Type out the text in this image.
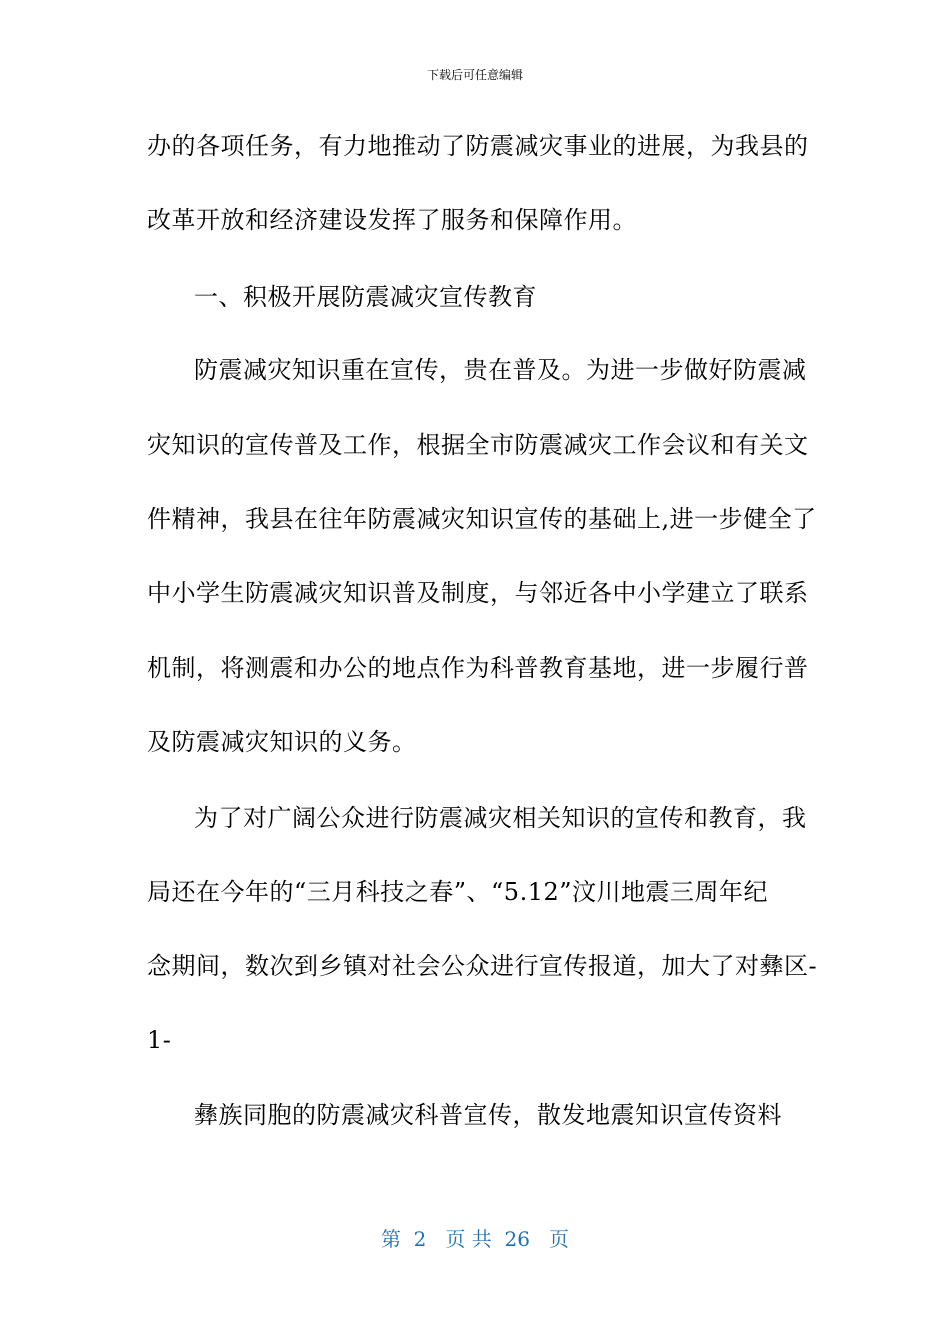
下载后可任意编辑
办的各项任务，有力地推动了防震减灾事业的进展，为我县的
改革开放和经济建设发挥了服务和保障作用。
一、积极开展防震减灾宣传教育
防震减灾知识重在宣传，贵在普及。为进一步做好防震减
灾知识的宣传普及工作，根据全市防震减灾工作会议和有关文
件精神，我县在往年防震减灾知识宣传的基础上,进一步健全了
中小学生防震减灾知识普及制度，与邻近各中小学建立了联系
机制，将测震和办公的地点作为科普教育基地，进一步履行普
及防震减灾知识的义务。
为了对广阔公众进行防震减灾相关知识的宣传和教育，我
局还在今年的“三月科技之春”、“5.12”汶川地震三周年纪
念期间，数次到乡镇对社会公众进行宣传报道，加大了对彝区-
1-
彝族同胞的防震减灾科普宣传，散发地震知识宣传资料
第  2   页 共  26   页
